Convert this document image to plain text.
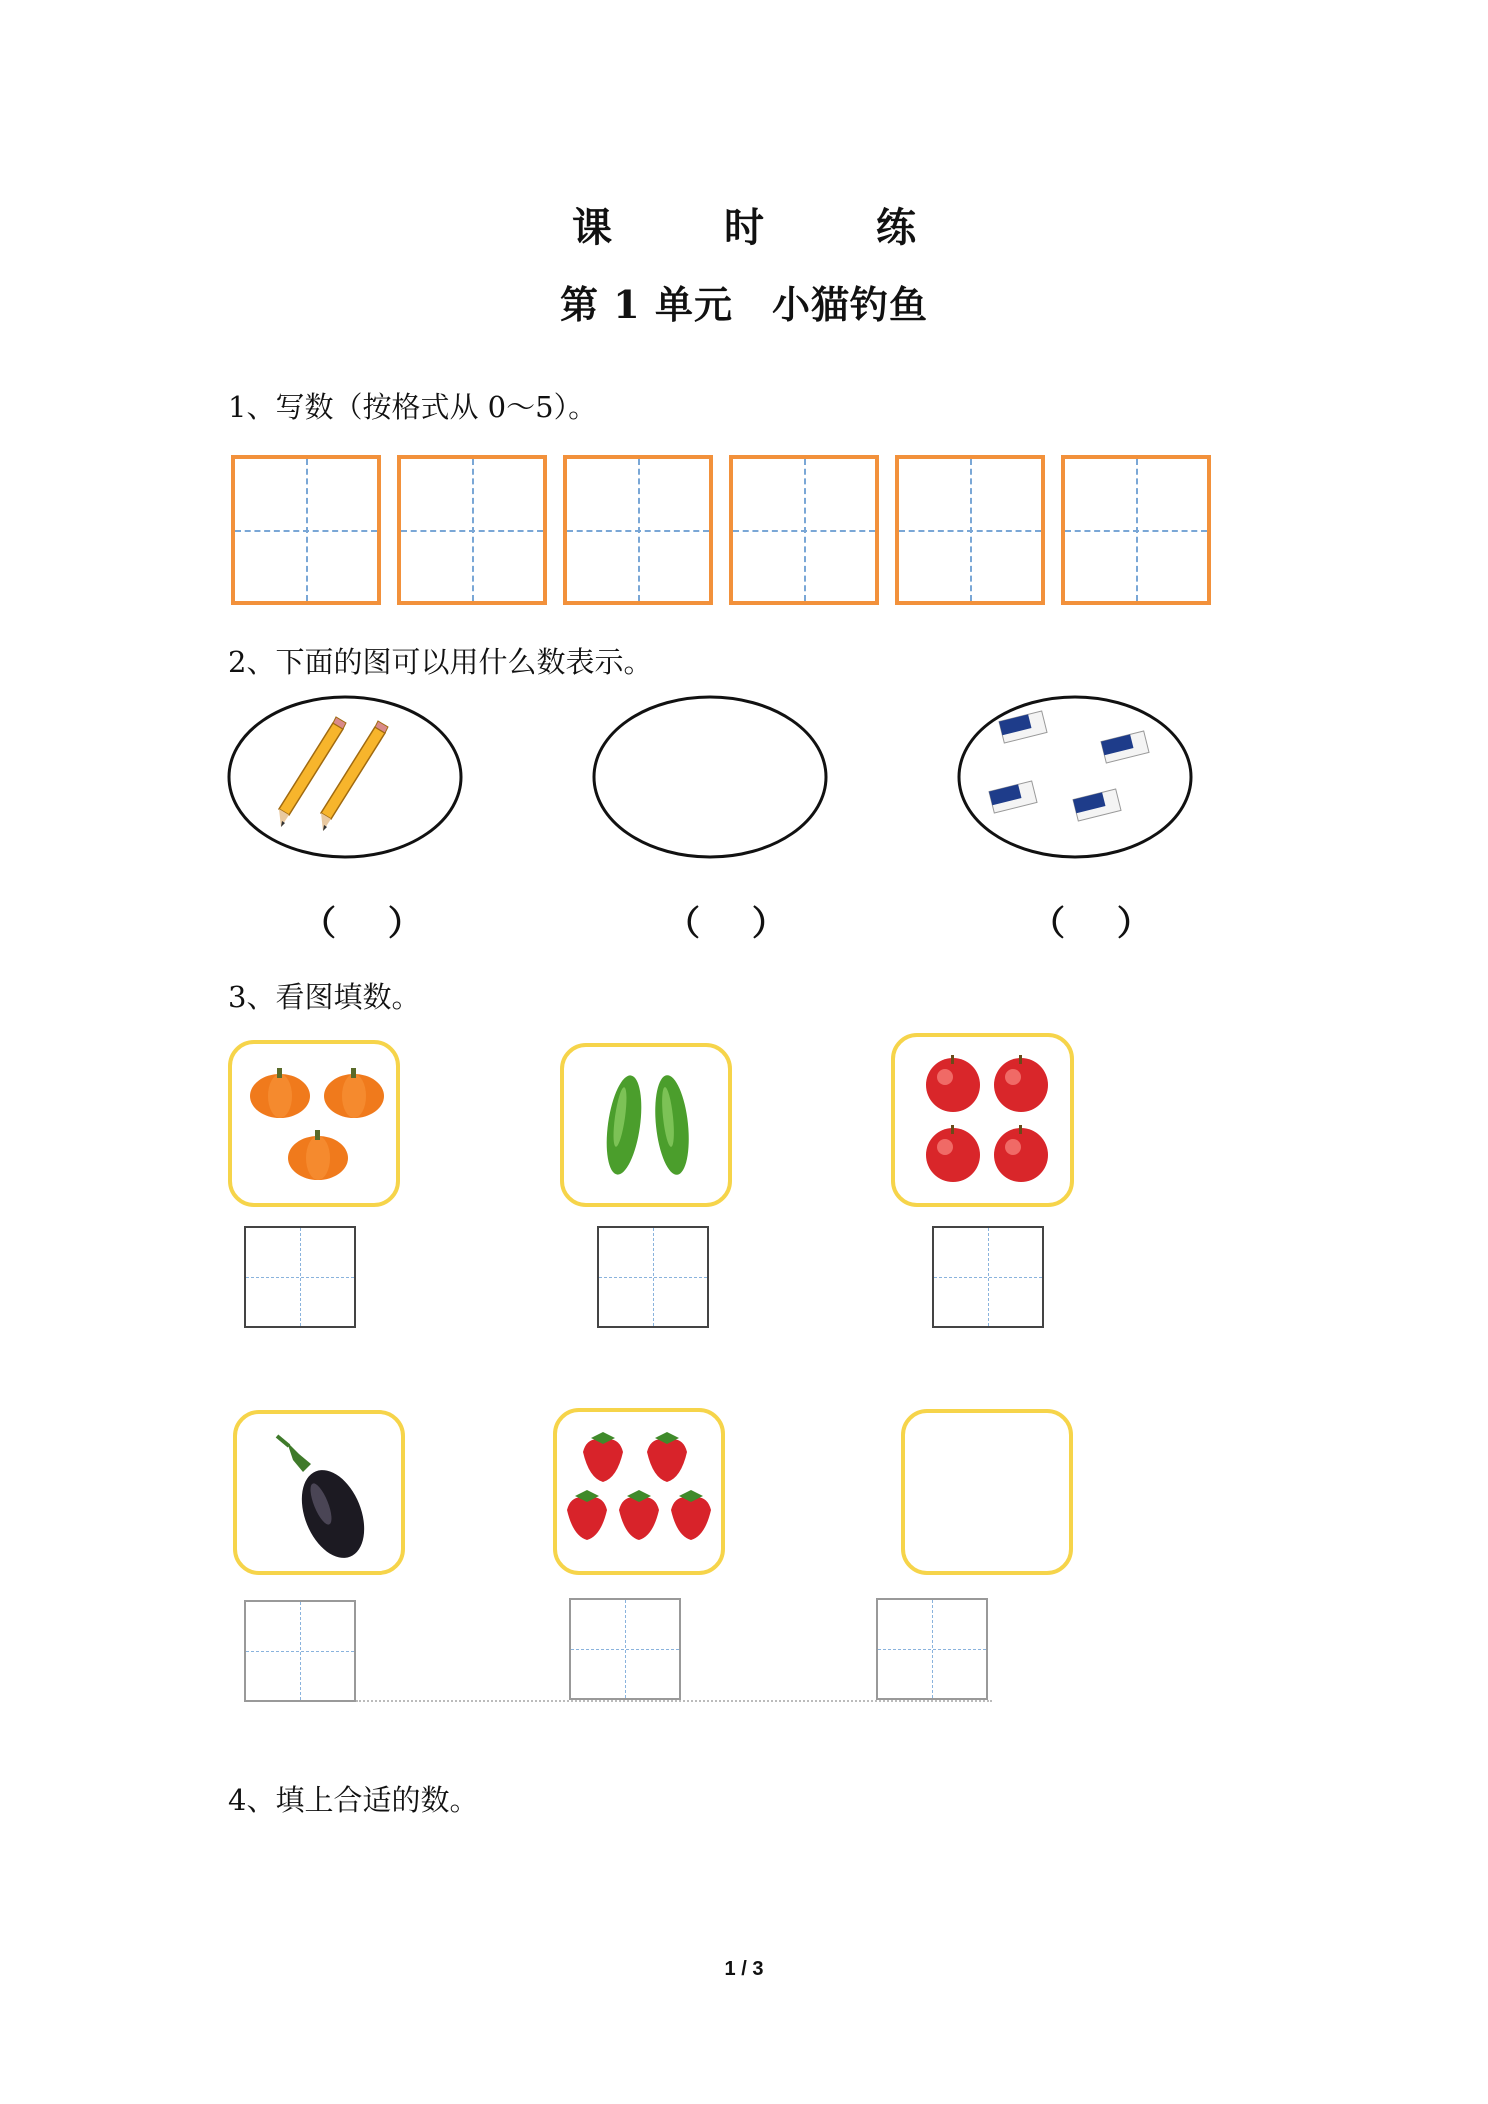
课　时　练
第 1 单元　小猫钓鱼
1、写数（按格式从 0～5）。
2、下面的图可以用什么数表示。
（　 ）	（　 ）	（　 ）
3、看图填数。
4、填上合适的数。
1 / 3
